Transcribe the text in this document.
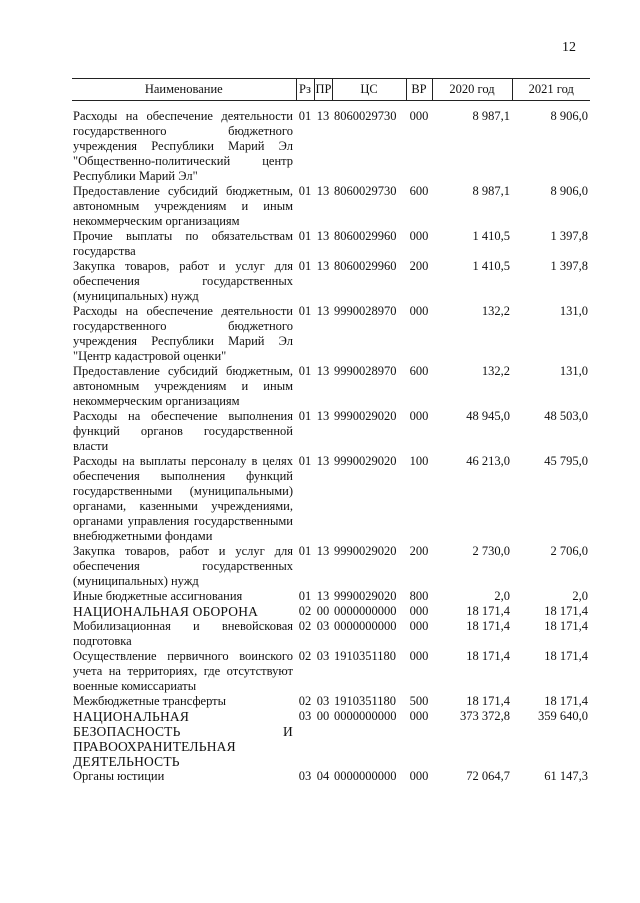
12
Наименование	Рз	ПР	ЦС	ВР	2020 год	2021 год
Расходы на обеспечение деятельности государственного бюджетного учреждения Республики Марий Эл "Общественно-политический центр Республики Марий Эл"	01	13	8060029730	000	8 987,1	8 906,0
Предоставление субсидий бюджетным, автономным учреждениям и иным некоммерческим организациям	01	13	8060029730	600	8 987,1	8 906,0
Прочие выплаты по обязательствам государства	01	13	8060029960	000	1 410,5	1 397,8
Закупка товаров, работ и услуг для обеспечения государственных (муниципальных) нужд	01	13	8060029960	200	1 410,5	1 397,8
Расходы на обеспечение деятельности государственного бюджетного учреждения Республики Марий Эл "Центр кадастровой оценки"	01	13	9990028970	000	132,2	131,0
Предоставление субсидий бюджетным, автономным учреждениям и иным некоммерческим организациям	01	13	9990028970	600	132,2	131,0
Расходы на обеспечение выполнения функций органов государственной власти	01	13	9990029020	000	48 945,0	48 503,0
Расходы на выплаты персоналу в целях обеспечения выполнения функций государственными (муниципальными) органами, казенными учреждениями, органами управления государственными внебюджетными фондами	01	13	9990029020	100	46 213,0	45 795,0
Закупка товаров, работ и услуг для обеспечения государственных (муниципальных) нужд	01	13	9990029020	200	2 730,0	2 706,0
Иные бюджетные ассигнования	01	13	9990029020	800	2,0	2,0
НАЦИОНАЛЬНАЯ ОБОРОНА	02	00	0000000000	000	18 171,4	18 171,4
Мобилизационная и вневойсковая подготовка	02	03	0000000000	000	18 171,4	18 171,4
Осуществление первичного воинского учета на территориях, где отсутствуют военные комиссариаты	02	03	1910351180	000	18 171,4	18 171,4
Межбюджетные трансферты	02	03	1910351180	500	18 171,4	18 171,4
НАЦИОНАЛЬНАЯ БЕЗОПАСНОСТЬ И ПРАВООХРАНИТЕЛЬНАЯ ДЕЯТЕЛЬНОСТЬ	03	00	0000000000	000	373 372,8	359 640,0
Органы юстиции	03	04	0000000000	000	72 064,7	61 147,3
